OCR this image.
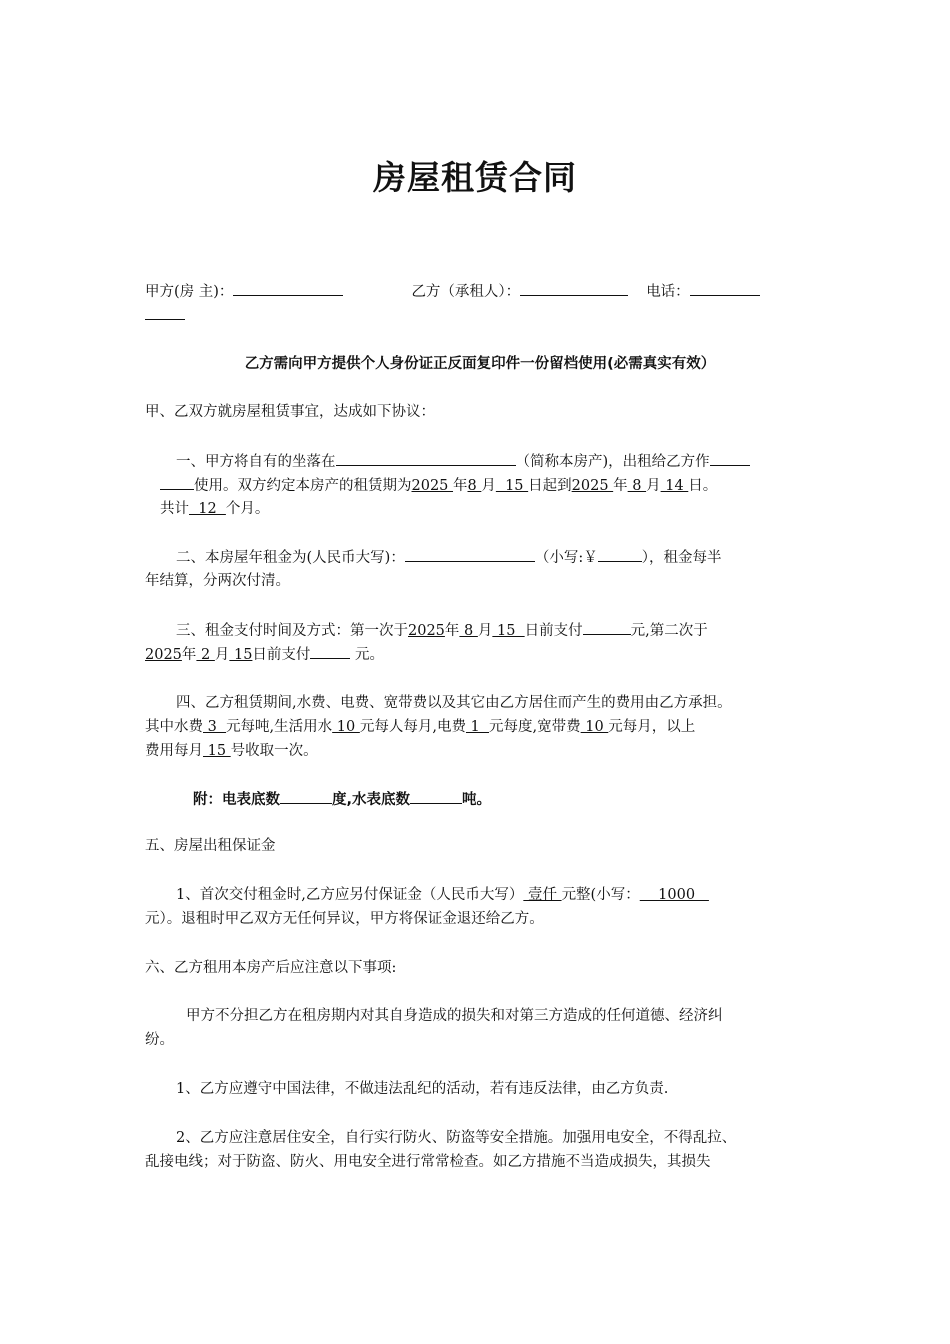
房屋租赁合同
甲方(房 主)：	乙方（承租人）：	电话：
乙方需向甲方提供个人身份证正反面复印件一份留档使用(必需真实有效）
甲、乙双方就房屋租赁事宜，达成如下协议：
一、甲方将自有的坐落在	（简称本房产)，出租给乙方作
使用。双方约定本房产的租赁期为2025 年8 月  15 日起到2025 年 8 月 14 日。
共计  12  个月。
二、本房屋年租金为(人民币大写)：	（小写:￥	），租金每半
年结算，分两次付清。
三、租金支付时间及方式：第一次于2025年 8 月 15  日前支付	元,第二次于
2025年 2 月 15日前支付	元。
四、乙方租赁期间,水费、电费、宽带费以及其它由乙方居住而产生的费用由乙方承担。
其中水费 3  元每吨,生活用水 10 元每人每月,电费 1  元每度,宽带费 10 元每月，以上
费用每月 15 号收取一次。
附：电表底数	度,水表底数	吨。
五、房屋出租保证金
1、首次交付租金时,乙方应另付保证金（人民币大写） 壹仟 元整(小写：    1000
元）。退租时甲乙双方无任何异议，甲方将保证金退还给乙方。
六、乙方租用本房产后应注意以下事项:
甲方不分担乙方在租房期内对其自身造成的损失和对第三方造成的任何道德、经济纠
纷。
1、乙方应遵守中国法律，不做违法乱纪的活动，若有违反法律，由乙方负责.
2、乙方应注意居住安全，自行实行防火、防盗等安全措施。加强用电安全，不得乱拉、
乱接电线；对于防盗、防火、用电安全进行常常检查。如乙方措施不当造成损失，其损失
